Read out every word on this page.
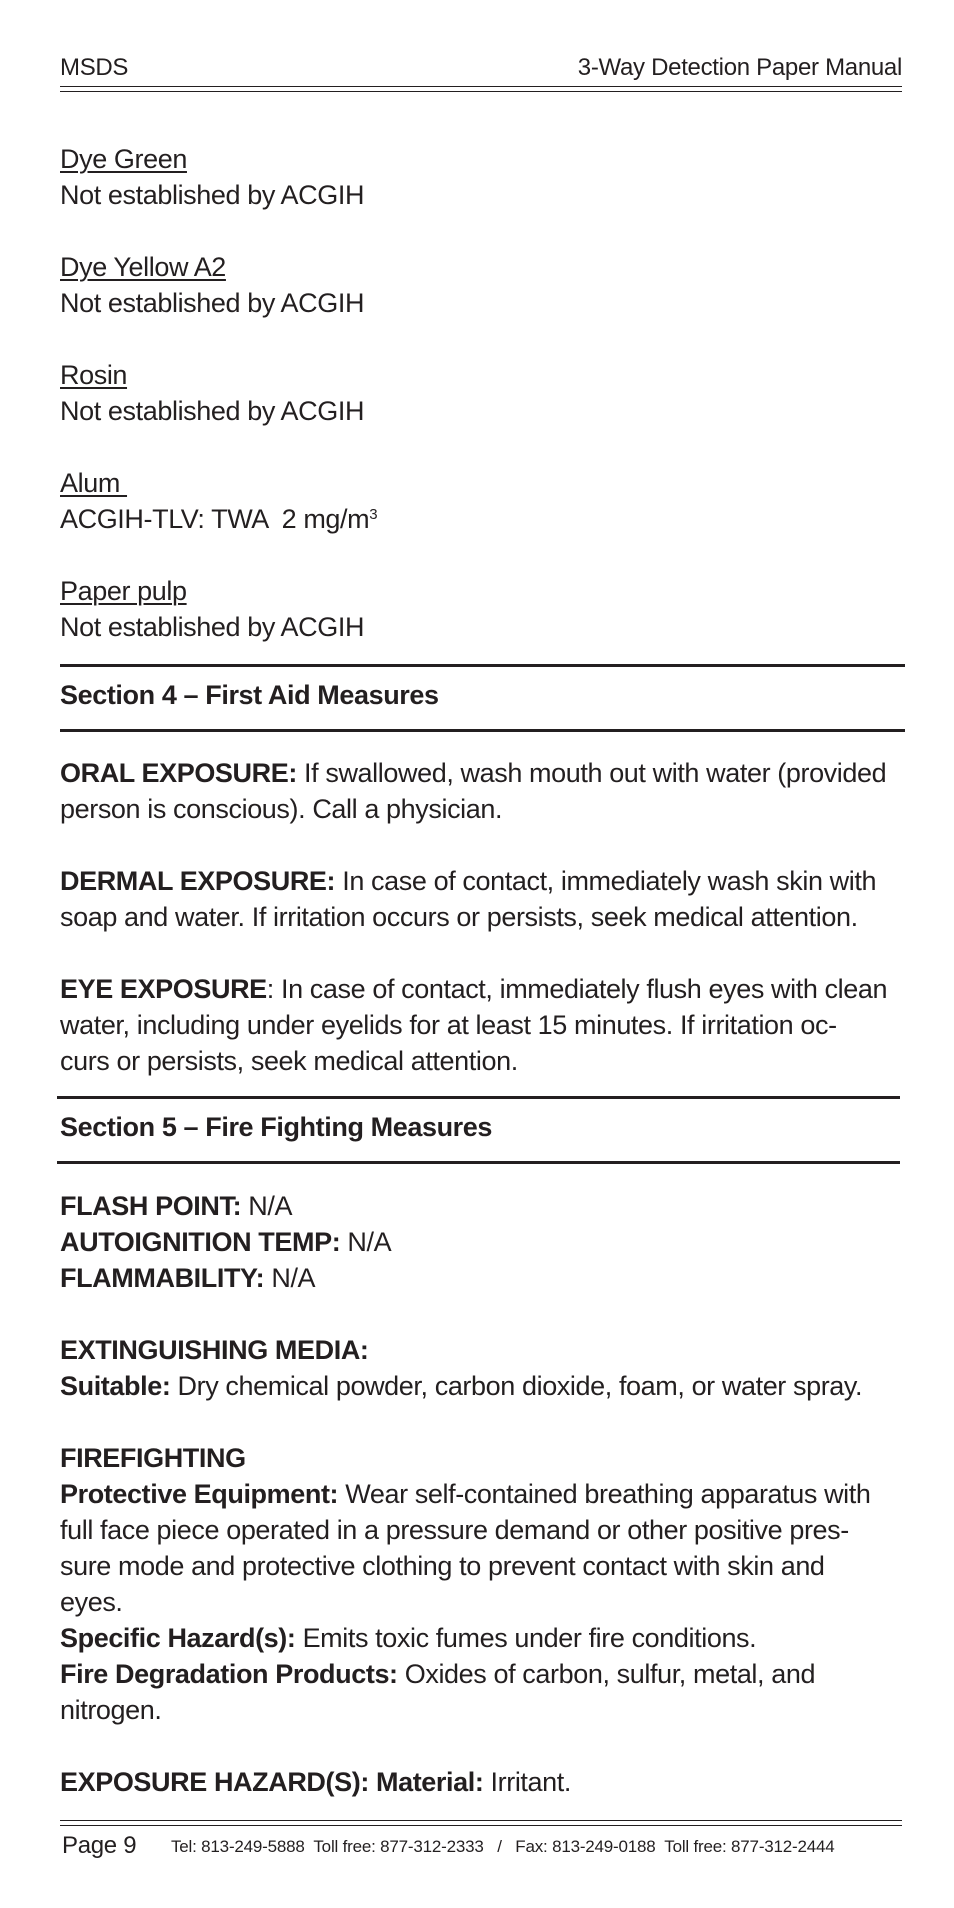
MSDS	3-Way Detection Paper Manual
Dye Green
Not established by ACGIH
Dye Yellow A2
Not established by ACGIH
Rosin
Not established by ACGIH
Alum
ACGIH-TLV: TWA  2 $mg/m^3$
Paper pulp
Not established by ACGIH
Section 4 – First Aid Measures
ORAL EXPOSURE: If swallowed, wash mouth out with water (provided
person is conscious). Call a physician.
DERMAL EXPOSURE: In case of contact, immediately wash skin with
soap and water. If irritation occurs or persists, seek medical attention.
EYE EXPOSURE: In case of contact, immediately flush eyes with clean
water, including under eyelids for at least 15 minutes. If irritation oc-
curs or persists, seek medical attention.
Section 5 – Fire Fighting Measures
FLASH POINT: N/A
AUTOIGNITION TEMP: N/A
FLAMMABILITY: N/A
EXTINGUISHING MEDIA:
Suitable: Dry chemical powder, carbon dioxide, foam, or water spray.
FIREFIGHTING
Protective Equipment: Wear self-contained breathing apparatus with
full face piece operated in a pressure demand or other positive pres-
sure mode and protective clothing to prevent contact with skin and
eyes.
Specific Hazard(s): Emits toxic fumes under fire conditions.
Fire Degradation Products: Oxides of carbon, sulfur, metal, and
nitrogen.
EXPOSURE HAZARD(S): Material: Irritant.
Page 9 Tel: 813-249-5888  Toll free: 877-312-2333   /   Fax: 813-249-0188  Toll free: 877-312-2444
